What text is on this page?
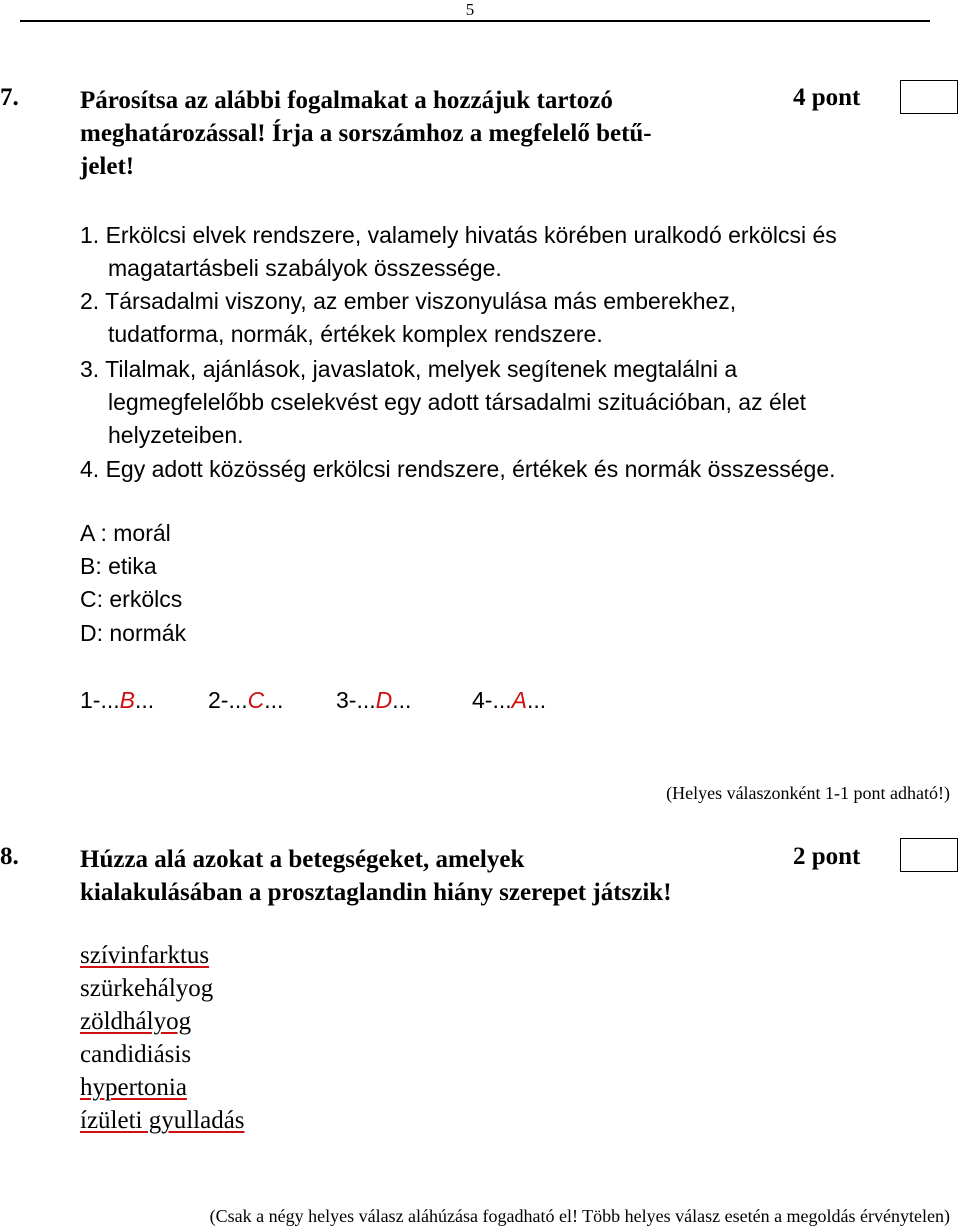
5
7. Párosítsa az alábbi fogalmakat a hozzájuk tartozó
meghatározással! Írja a sorszámhoz a megfelelő betű-
jelet!
4 pont
1. Erkölcsi elvek rendszere, valamely hivatás körében uralkodó erkölcsi és
magatartásbeli szabályok összessége.
2. Társadalmi viszony, az ember viszonyulása más emberekhez,
tudatforma, normák, értékek komplex rendszere.
3. Tilalmak, ajánlások, javaslatok, melyek segítenek megtalálni a
legmegfelelőbb cselekvést egy adott társadalmi szituációban, az élet
helyzeteiben.
4. Egy adott közösség erkölcsi rendszere, értékek és normák összessége.
A : morál
B: etika
C: erkölcs
D: normák
1-...B... 2-...C... 3-...D...	4-...A...
(Helyes válaszonként 1-1 pont adható!)
8. Húzza alá azokat a betegségeket, amelyek
kialakulásában a prosztaglandin hiány szerepet játszik!
2 pont
szívinfarktus
szürkehályog
zöldhályog
candidiásis
hypertonia
ízületi gyulladás
(Csak a négy helyes válasz aláhúzása fogadható el! Több helyes válasz esetén a megoldás érvénytelen)
